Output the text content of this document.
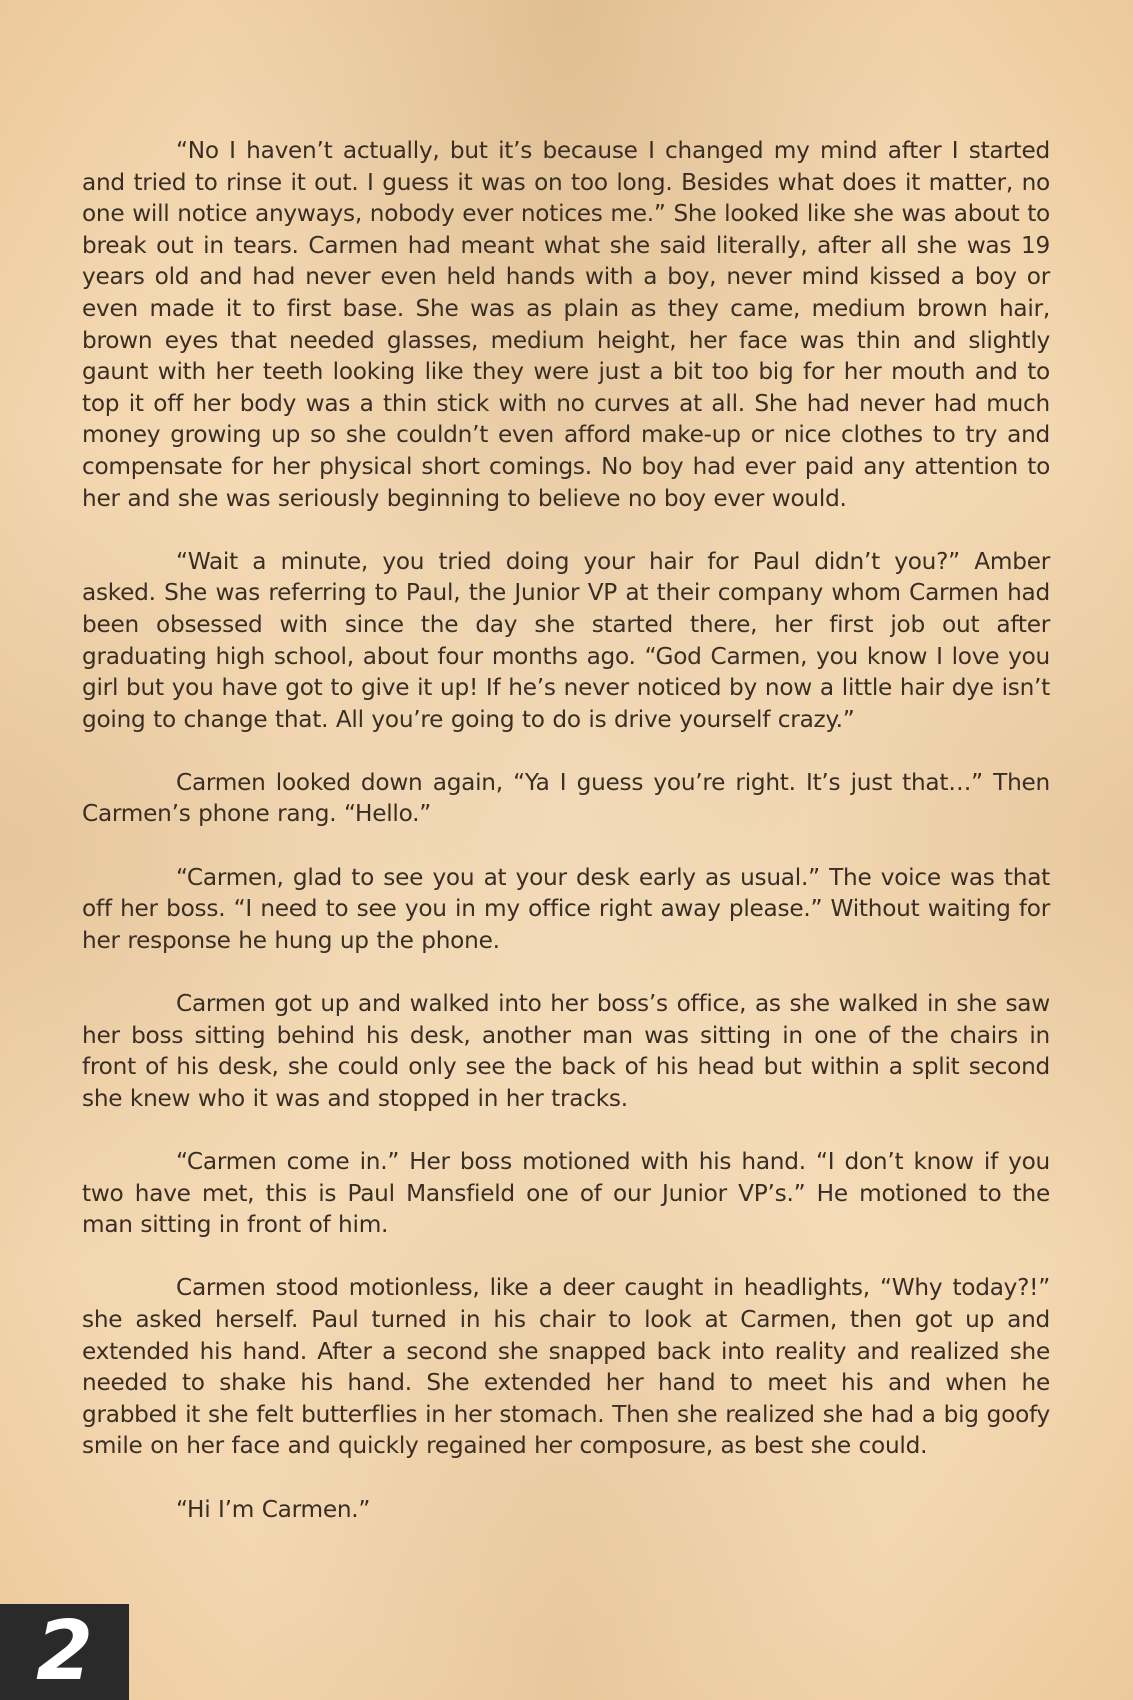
“No I haven’t actually, but it’s because I changed my mind after I started and tried to rinse it out. I guess it was on too long. Besides what does it matter, no one will notice anyways, nobody ever notices me.” She looked like she was about to break out in tears. Carmen had meant what she said literally, after all she was 19 years old and had never even held hands with a boy, never mind kissed a boy or even made it to first base. She was as plain as they came, medium brown hair, brown eyes that needed glasses, medium height, her face was thin and slightly gaunt with her teeth looking like they were just a bit too big for her mouth and to top it off her body was a thin stick with no curves at all. She had never had much money growing up so she couldn’t even afford make-up or nice clothes to try and compensate for her physical short comings. No boy had ever paid any attention to her and she was seriously beginning to believe no boy ever would.

“Wait a minute, you tried doing your hair for Paul didn’t you?” Amber asked. She was referring to Paul, the Junior VP at their company whom Carmen had been obsessed with since the day she started there, her first job out after graduating high school, about four months ago. “God Carmen, you know I love you girl but you have got to give it up! If he’s never noticed by now a little hair dye isn’t going to change that. All you’re going to do is drive yourself crazy.”

Carmen looked down again, “Ya I guess you’re right. It’s just that…” Then Carmen’s phone rang. “Hello.”

“Carmen, glad to see you at your desk early as usual.” The voice was that off her boss. “I need to see you in my office right away please.” Without waiting for her response he hung up the phone.

Carmen got up and walked into her boss’s office, as she walked in she saw her boss sitting behind his desk, another man was sitting in one of the chairs in front of his desk, she could only see the back of his head but within a split second she knew who it was and stopped in her tracks.

“Carmen come in.” Her boss motioned with his hand. “I don’t know if you two have met, this is Paul Mansfield one of our Junior VP’s.” He motioned to the man sitting in front of him.

Carmen stood motionless, like a deer caught in headlights, “Why today?!” she asked herself. Paul turned in his chair to look at Carmen, then got up and extended his hand. After a second she snapped back into reality and realized she needed to shake his hand. She extended her hand to meet his and when he grabbed it she felt butterflies in her stomach. Then she realized she had a big goofy smile on her face and quickly regained her composure, as best she could.

“Hi I’m Carmen.”

2
